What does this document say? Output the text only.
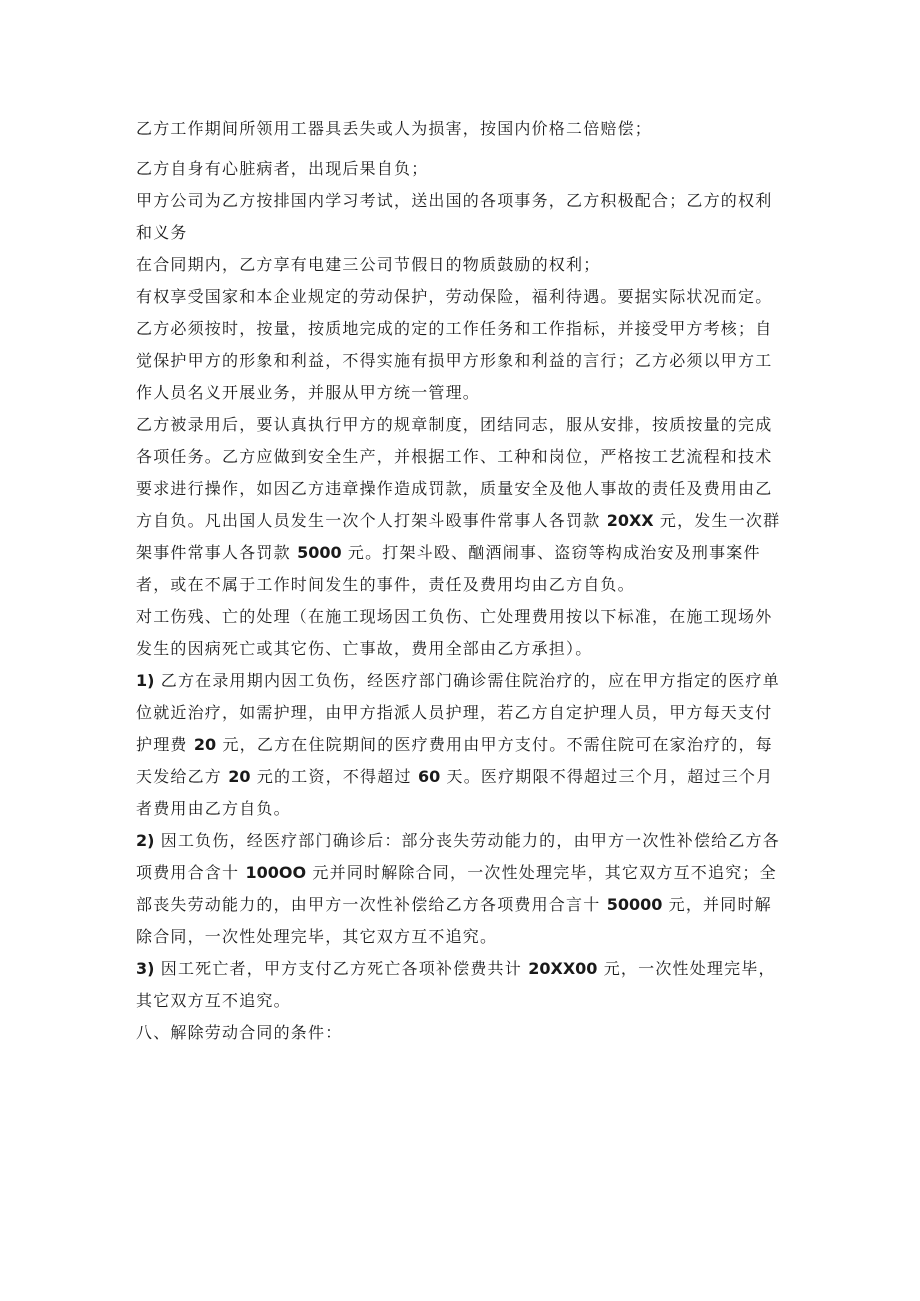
乙方工作期间所领用工器具丢失或人为损害，按国内价格二倍赔偿；

乙方自身有心脏病者，出现后果自负；

甲方公司为乙方按排国内学习考试，送出国的各项事务，乙方积极配合；乙方的权利和义务

在合同期内，乙方享有电建三公司节假日的物质鼓励的权利；

有权享受国家和本企业规定的劳动保护，劳动保险，福利待遇。要据实际状况而定。

乙方必须按时，按量，按质地完成的定的工作任务和工作指标，并接受甲方考核；自觉保护甲方的形象和利益，不得实施有损甲方形象和利益的言行；乙方必须以甲方工作人员名义开展业务，并服从甲方统一管理。

乙方被录用后，要认真执行甲方的规章制度，团结同志，服从安排，按质按量的完成各项任务。乙方应做到安全生产，并根据工作、工种和岗位，严格按工艺流程和技术要求进行操作，如因乙方违章操作造成罚款，质量安全及他人事故的责任及费用由乙方自负。凡出国人员发生一次个人打架斗殴事件常事人各罚款 20XX 元，发生一次群架事件常事人各罚款 5000 元。打架斗殴、酗酒闹事、盗窃等构成治安及刑事案件者，或在不属于工作时间发生的事件，责任及费用均由乙方自负。

对工伤残、亡的处理（在施工现场因工负伤、亡处理费用按以下标准，在施工现场外发生的因病死亡或其它伤、亡事故，费用全部由乙方承担）。

1) 乙方在录用期内因工负伤，经医疗部门确诊需住院治疗的，应在甲方指定的医疗单位就近治疗，如需护理，由甲方指派人员护理，若乙方自定护理人员，甲方每天支付护理费 20 元，乙方在住院期间的医疗费用由甲方支付。不需住院可在家治疗的，每天发给乙方 20 元的工资，不得超过 60 天。医疗期限不得超过三个月，超过三个月者费用由乙方自负。

2) 因工负伤，经医疗部门确诊后：部分丧失劳动能力的，由甲方一次性补偿给乙方各项费用合含十 100OO 元并同时解除合同，一次性处理完毕，其它双方互不追究；全部丧失劳动能力的，由甲方一次性补偿给乙方各项费用合言十 50000 元，并同时解除合同，一次性处理完毕，其它双方互不追究。

3) 因工死亡者，甲方支付乙方死亡各项补偿费共计 20XX00 元，一次性处理完毕，其它双方互不追究。

八、解除劳动合同的条件：
